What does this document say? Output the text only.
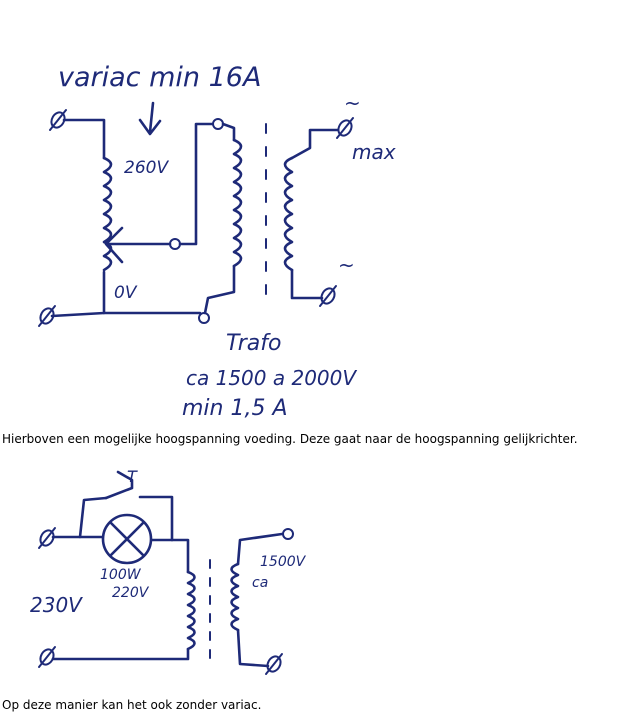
variac min 16A
260V
0V
~
~
max
Trafo
ca 1500 a 2000V
min 1,5 A
T
100W
220V
1500V
ca
230V
Hierboven een mogelijke hoogspanning voeding. Deze gaat naar de hoogspanning gelijkrichter.
Op deze manier kan het ook zonder variac.
